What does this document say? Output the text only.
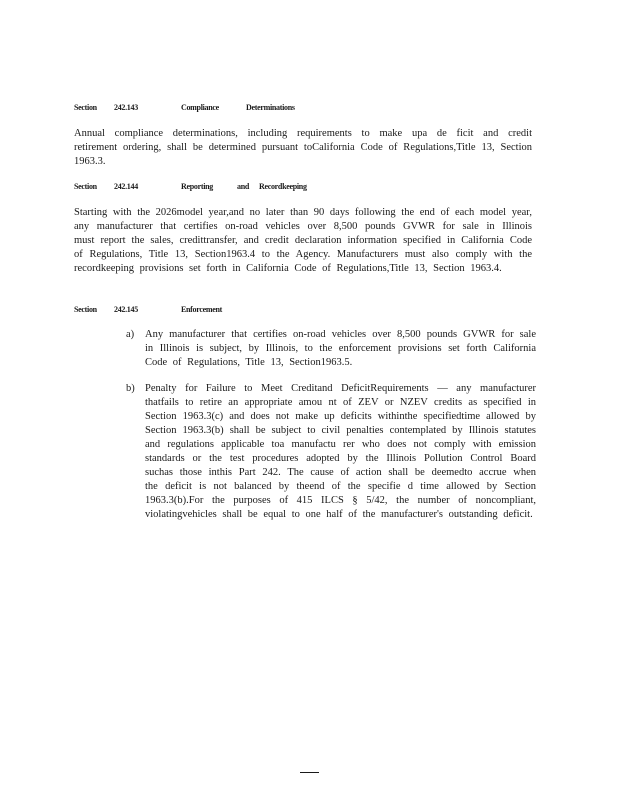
Section 242.143	Compliance	Determinations

Annual compliance determinations, including requirements to make upa de ficit and credit retirement ordering, shall be determined pursuant toCalifornia Code of Regulations,Title 13, Section 1963.3.

Section 242.144	Reporting	and Recordkeeping

Starting with the 2026model year,and no later than 90 days following the end of each model year, any manufacturer that certifies on-road vehicles over 8,500 pounds GVWR for sale in Illinois must report the sales, credittransfer, and credit declaration information specified in California Code of Regulations, Title 13, Section1963.4 to the Agency. Manufacturers must also comply with the recordkeeping provisions set forth in California Code of Regulations,Title 13, Section 1963.4.

Section 242.145	Enforcement
a) Any manufacturer that certifies on-road vehicles over 8,500 pounds GVWR for sale in Illinois is subject, by Illinois, to the enforcement provisions set forth California Code of Regulations, Title 13, Section1963.5.
b) Penalty for Failure to Meet Creditand DeficitRequirements — any manufacturer thatfails to retire an appropriate amou nt of ZEV or NZEV credits as specified in Section 1963.3(c) and does not make up deficits withinthe specifiedtime allowed by Section 1963.3(b) shall be subject to civil penalties contemplated by Illinois statutes and regulations applicable toa manufactu rer who does not comply with emission standards or the test procedures adopted by the Illinois Pollution Control Board suchas those inthis Part 242. The cause of action shall be deemedto accrue when the deficit is not balanced by theend of the specifie d time allowed by Section 1963.3(b).For the purposes of 415 ILCS § 5/42, the number of noncompliant, violatingvehicles shall be equal to one half of the manufacturer's outstanding deficit.
